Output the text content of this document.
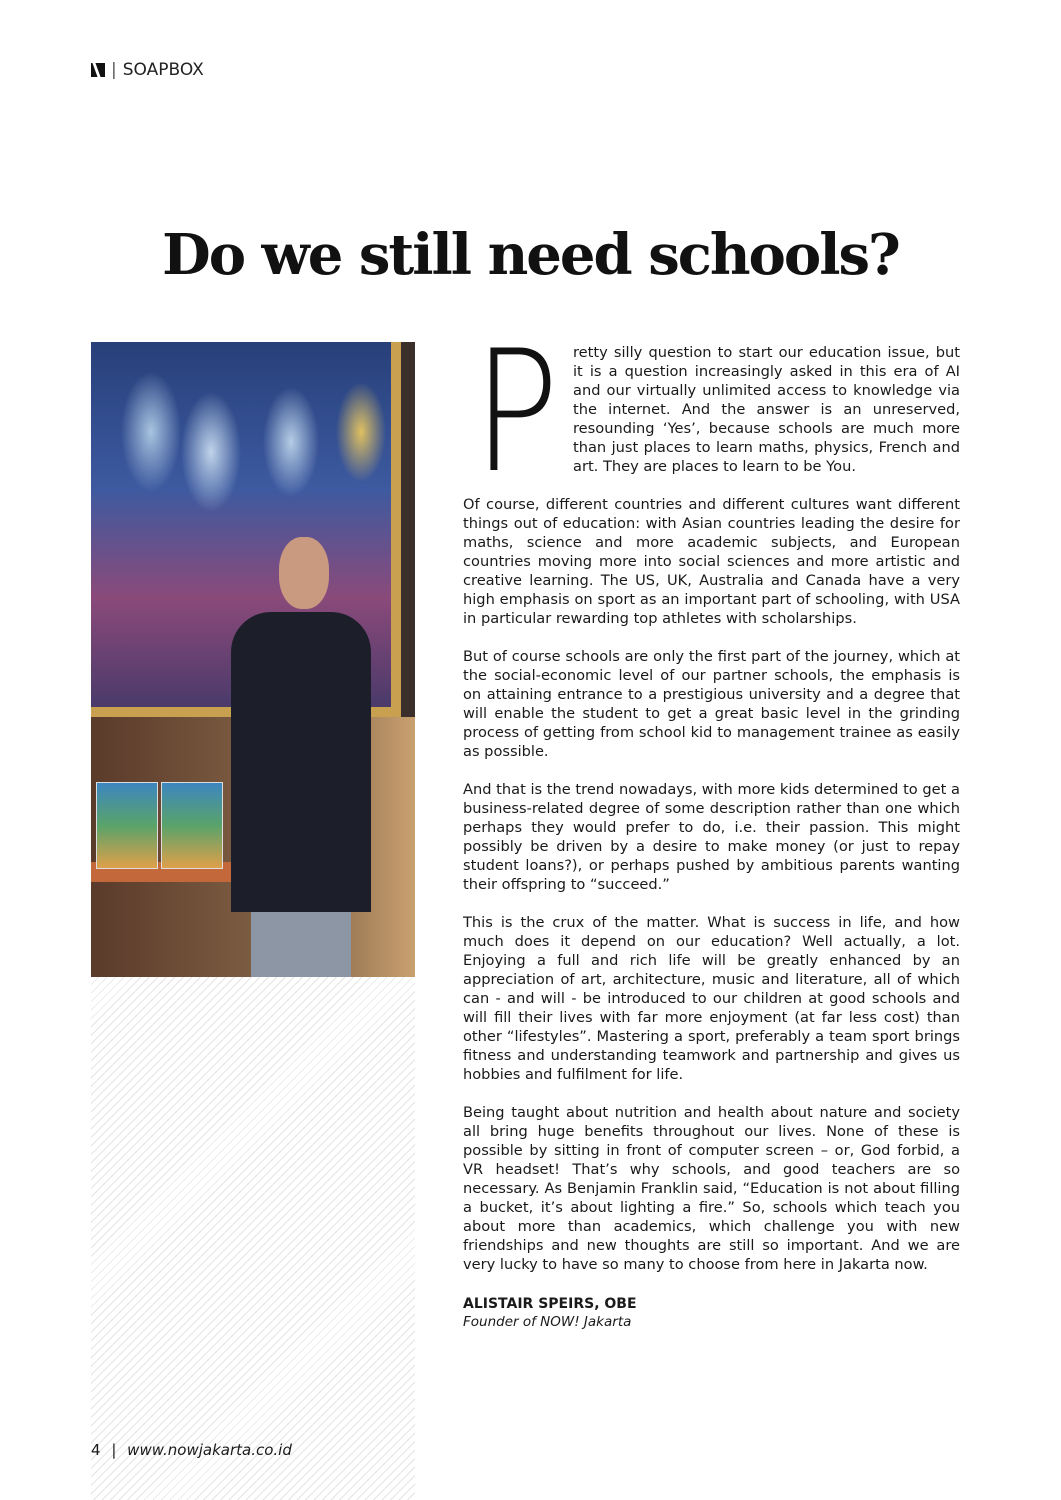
| SOAPBOX
Do we still need schools?

Pretty silly question to start our education issue, but it is a question increasingly asked in this era of AI and our virtually unlimited access to knowledge via the internet. And the answer is an unreserved, resounding ‘Yes’, because schools are much more than just places to learn maths, physics, French and art. They are places to learn to be You.

Of course, different countries and different cultures want different things out of education: with Asian countries leading the desire for maths, science and more academic subjects, and European countries moving more into social sciences and more artistic and creative learning. The US, UK, Australia and Canada have a very high emphasis on sport as an important part of schooling, with USA in particular rewarding top athletes with scholarships.

But of course schools are only the first part of the journey, which at the social-economic level of our partner schools, the emphasis is on attaining entrance to a prestigious university and a degree that will enable the student to get a great basic level in the grinding process of getting from school kid to management trainee as easily as possible.

And that is the trend nowadays, with more kids determined to get a business-related degree of some description rather than one which perhaps they would prefer to do, i.e. their passion. This might possibly be driven by a desire to make money (or just to repay student loans?), or perhaps pushed by ambitious parents wanting their offspring to “succeed.”

This is the crux of the matter. What is success in life, and how much does it depend on our education? Well actually, a lot. Enjoying a full and rich life will be greatly enhanced by an appreciation of art, architecture, music and literature, all of which can - and will - be introduced to our children at good schools and will fill their lives with far more enjoyment (at far less cost) than other “lifestyles”. Mastering a sport, preferably a team sport brings fitness and understanding teamwork and partnership and gives us hobbies and fulfilment for life.

Being taught about nutrition and health about nature and society all bring huge benefits throughout our lives. None of these is possible by sitting in front of computer screen – or, God forbid, a VR headset! That’s why schools, and good teachers are so necessary. As Benjamin Franklin said, “Education is not about filling a bucket, it’s about lighting a fire.” So, schools which teach you about more than academics, which challenge you with new friendships and new thoughts are still so important. And we are very lucky to have so many to choose from here in Jakarta now.

ALISTAIR SPEIRS, OBE
Founder of NOW! Jakarta
4 | www.nowjakarta.co.id
